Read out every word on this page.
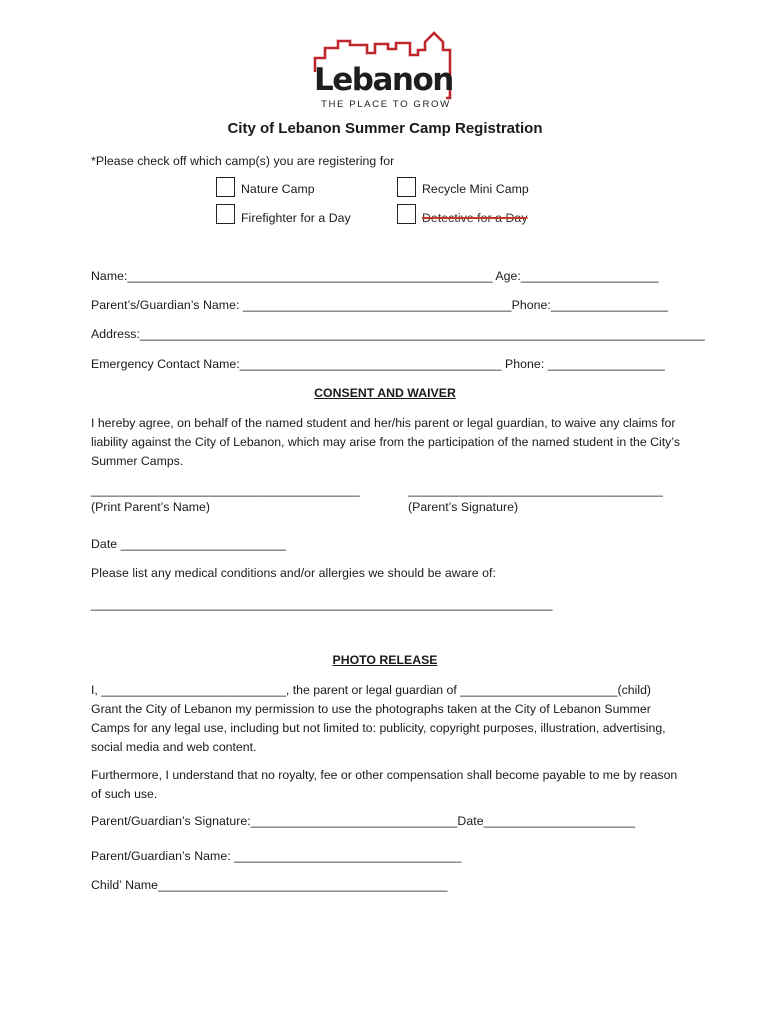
Lebanon
THE PLACE TO GROW
City of Lebanon Summer Camp Registration
*Please check off which camp(s) you are registering for
Nature Camp	Recycle Mini Camp
Firefighter for a Day	Detective for a Day
Name:_____________________________________________________ Age:____________________
Parent’s/Guardian’s Name: _______________________________________Phone:_________________
Address:__________________________________________________________________________________
Emergency Contact Name:______________________________________ Phone: _________________
CONSENT AND WAIVER
I hereby agree, on behalf of the named student and her/his parent or legal guardian, to waive any claims for liability against the City of Lebanon, which may arise from the participation of the named student in the City’s Summer Camps.
_______________________________________
(Print Parent’s Name)
_____________________________________
(Parent’s Signature)
Date ________________________
Please list any medical conditions and/or allergies we should be aware of:
___________________________________________________________________
PHOTO RELEASE
I, ___________________________, the parent or legal guardian of _______________________(child) Grant the City of Lebanon my permission to use the photographs taken at the City of Lebanon Summer Camps for any legal use, including but not limited to: publicity, copyright purposes, illustration, advertising, social media and web content.
Furthermore, I understand that no royalty, fee or other compensation shall become payable to me by reason of such use.
Parent/Guardian’s Signature:______________________________Date______________________
Parent/Guardian’s Name: _________________________________
Child’ Name__________________________________________
